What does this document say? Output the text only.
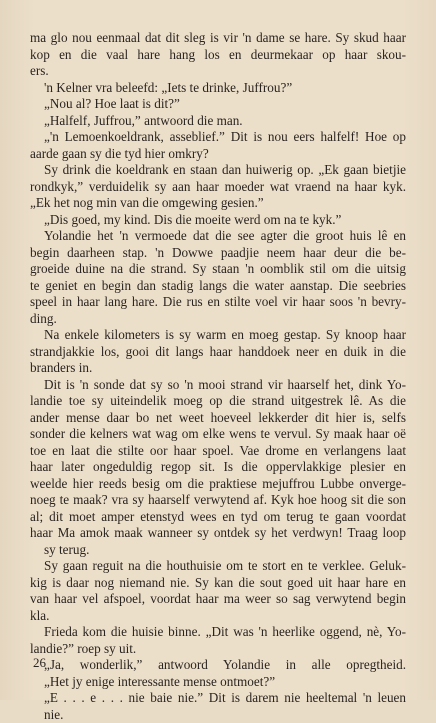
ma glo nou eenmaal dat dit sleg is vir 'n dame se hare. Sy skud haar
kop en die vaal hare hang los en deurmekaar op haar skou-
ers.
'n Kelner vra beleefd: „Iets te drinke, Juffrou?”
„Nou al? Hoe laat is dit?”
„Halfelf, Juffrou,” antwoord die man.
„'n Lemoenkoeldrank, asseblief.” Dit is nou eers halfelf! Hoe op
aarde gaan sy die tyd hier omkry?
Sy drink die koeldrank en staan dan huiwerig op. „Ek gaan bietjie
rondkyk,” verduidelik sy aan haar moeder wat vraend na haar kyk.
„Ek het nog min van die omgewing gesien.”
„Dis goed, my kind. Dis die moeite werd om na te kyk.”
Yolandie het 'n vermoede dat die see agter die groot huis lê en
begin daarheen stap. 'n Dowwe paadjie neem haar deur die be-
groeide duine na die strand. Sy staan 'n oomblik stil om die uitsig
te geniet en begin dan stadig langs die water aanstap. Die seebries
speel in haar lang hare. Die rus en stilte voel vir haar soos 'n bevry-
ding.
Na enkele kilometers is sy warm en moeg gestap. Sy knoop haar
strandjakkie los, gooi dit langs haar handdoek neer en duik in die
branders in.
Dit is 'n sonde dat sy so 'n mooi strand vir haarself het, dink Yo-
landie toe sy uiteindelik moeg op die strand uitgestrek lê. As die
ander mense daar bo net weet hoeveel lekkerder dit hier is, selfs
sonder die kelners wat wag om elke wens te vervul. Sy maak haar oë
toe en laat die stilte oor haar spoel. Vae drome en verlangens laat
haar later ongeduldig regop sit. Is die oppervlakkige plesier en
weelde hier reeds besig om die praktiese mejuffrou Lubbe onverge-
noeg te maak? vra sy haarself verwytend af. Kyk hoe hoog sit die son
al; dit moet amper etenstyd wees en tyd om terug te gaan voordat
haar Ma amok maak wanneer sy ontdek sy het verdwyn! Traag loop
sy terug.
Sy gaan reguit na die houthuisie om te stort en te verklee. Geluk-
kig is daar nog niemand nie. Sy kan die sout goed uit haar hare en
van haar vel afspoel, voordat haar ma weer so sag verwytend begin
kla.
Frieda kom die huisie binne. „Dit was 'n heerlike oggend, nè, Yo-
landie?” roep sy uit.
„Ja, wonderlik,” antwoord Yolandie in alle opregtheid.
„Het jy enige interessante mense ontmoet?”
„E . . . e . . . nie baie nie.” Dit is darem nie heeltemal 'n leuen
nie.
26
